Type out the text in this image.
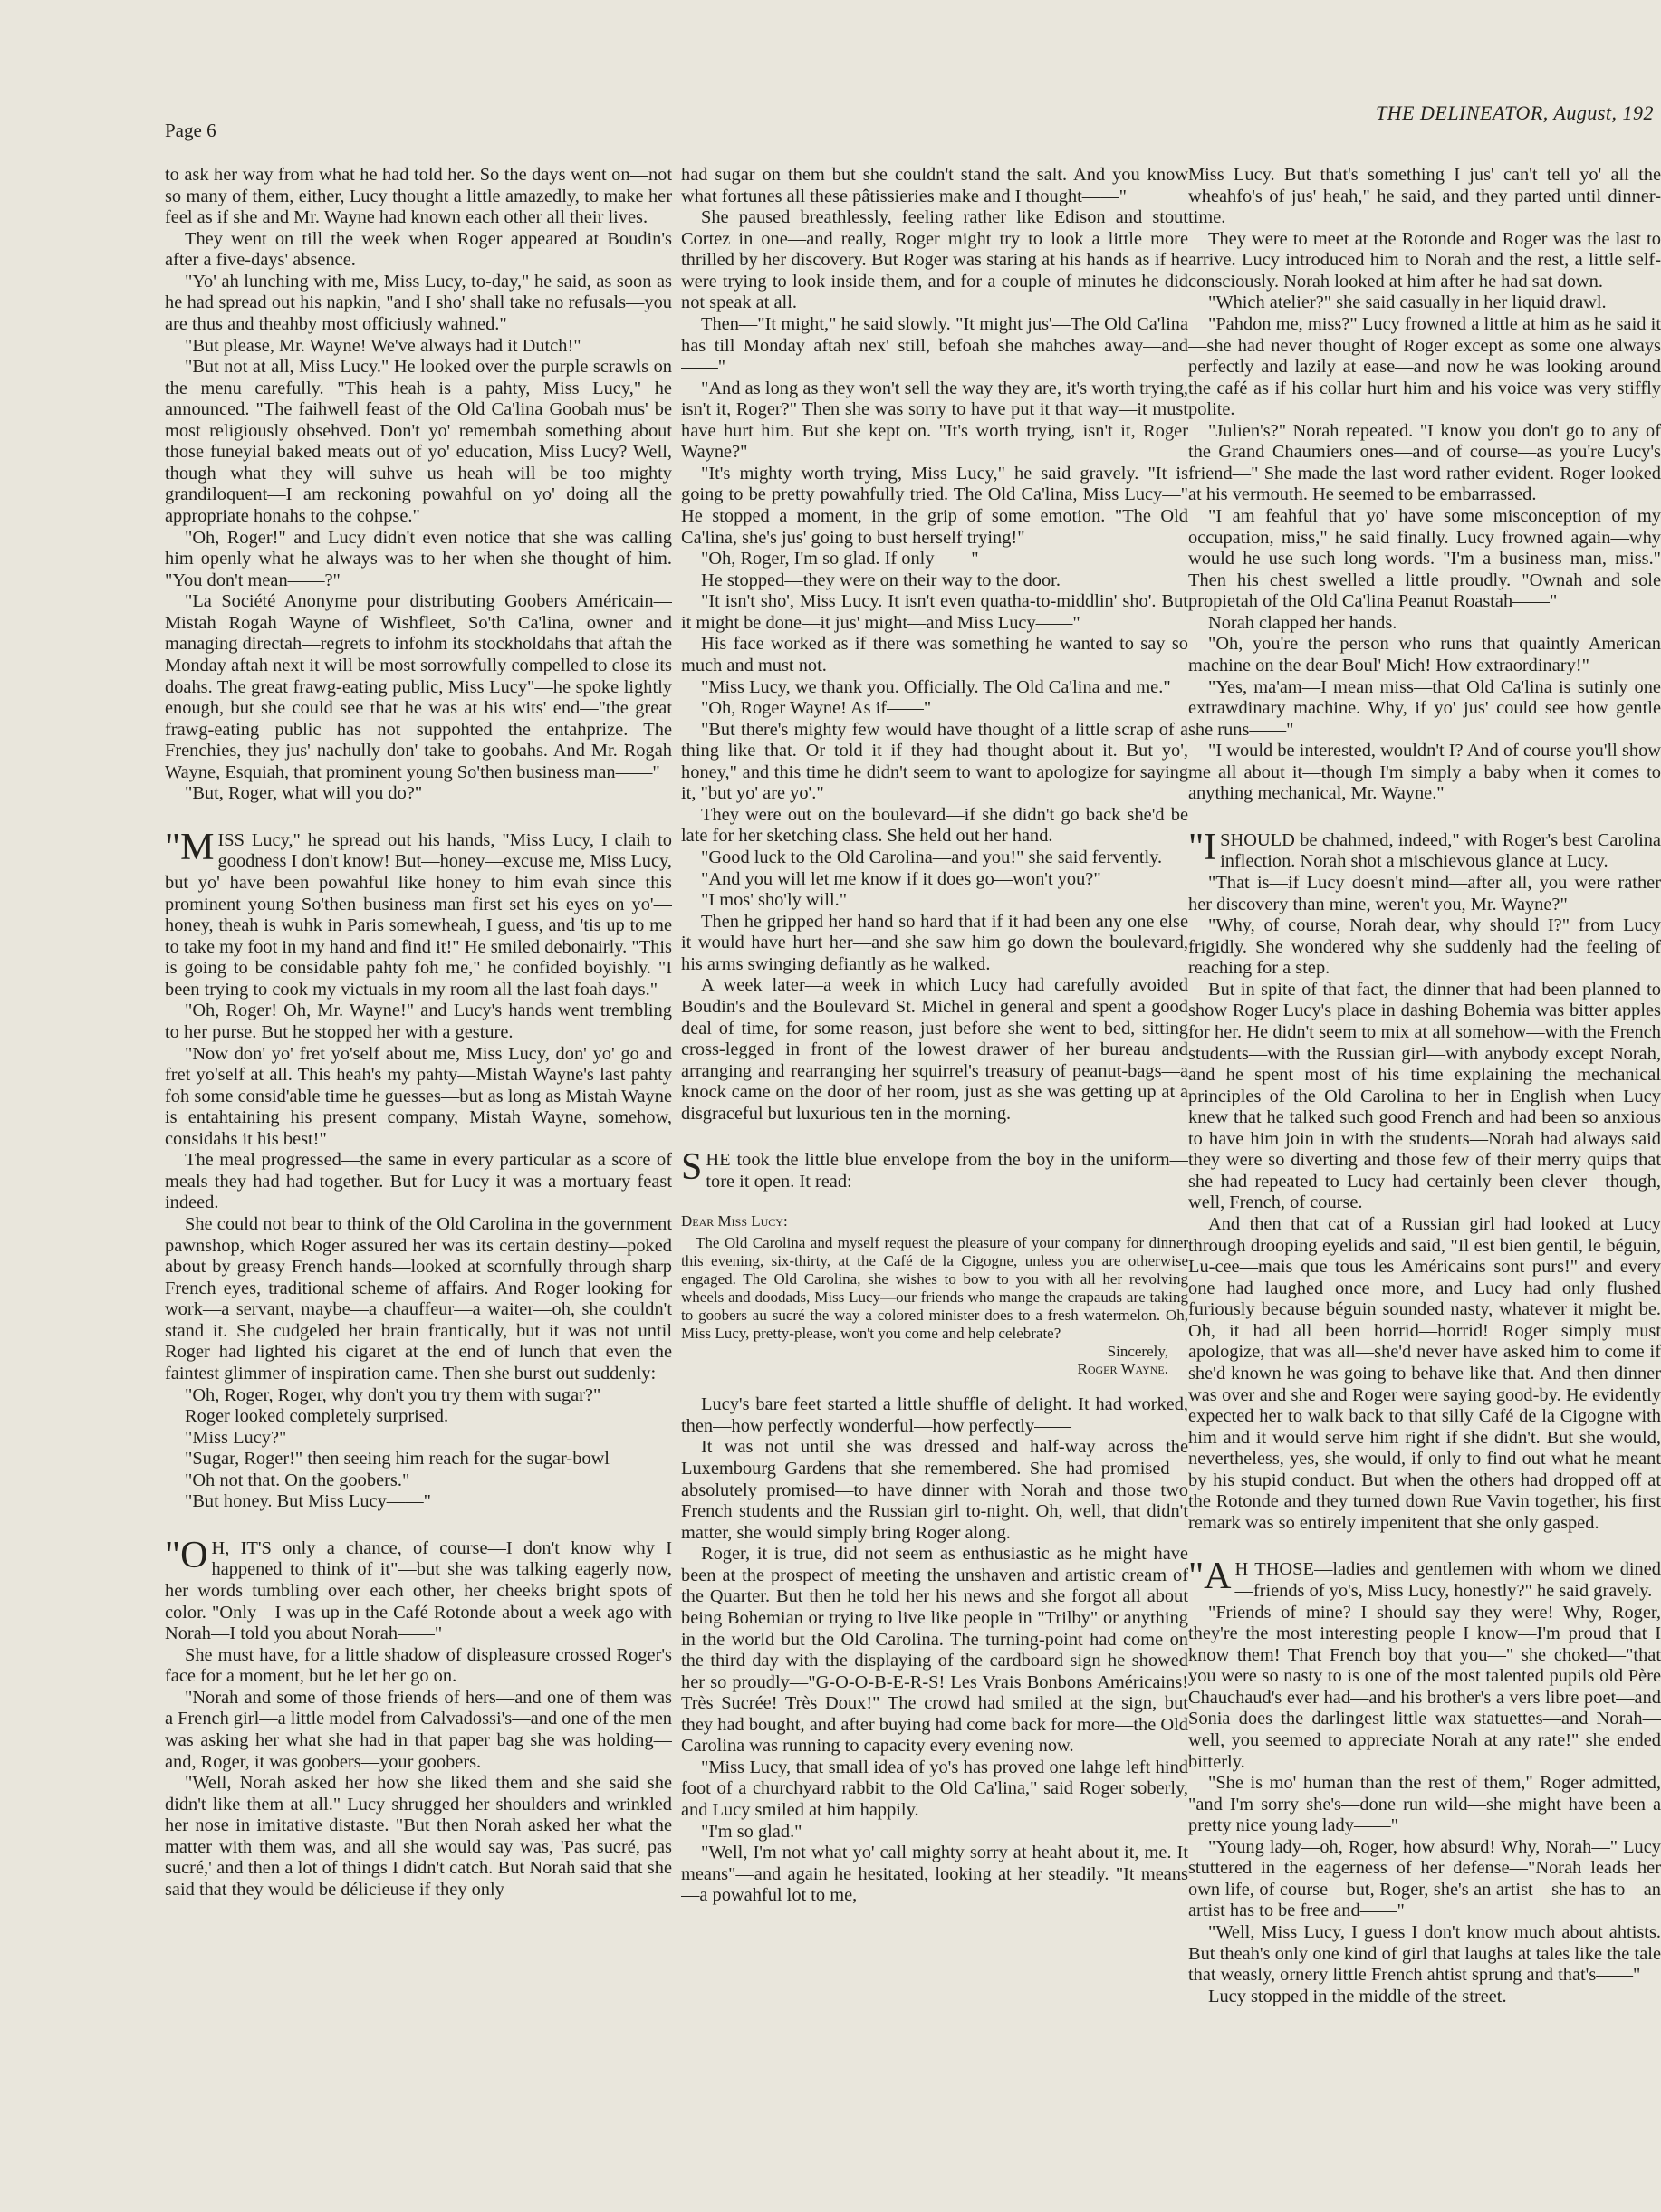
Page 6
THE DELINEATOR, August, 192

to ask her way from what he had told her. So the days went on—not so many of them, either, Lucy thought a little amazedly, to make her feel as if she and Mr. Wayne had known each other all their lives.

They went on till the week when Roger appeared at Boudin's after a five-days' absence.

"Yo' ah lunching with me, Miss Lucy, to-day," he said, as soon as he had spread out his napkin, "and I sho' shall take no refusals—you are thus and theahby most officiusly wahned."

"But please, Mr. Wayne! We've always had it Dutch!"

"But not at all, Miss Lucy." He looked over the purple scrawls on the menu carefully. "This heah is a pahty, Miss Lucy," he announced. "The faihwell feast of the Old Ca'lina Goobah mus' be most religiously obsehved. Don't yo' remembah something about those funeyial baked meats out of yo' education, Miss Lucy? Well, though what they will suhve us heah will be too mighty grandiloquent—I am reckoning powahful on yo' doing all the appropriate honahs to the cohpse."

"Oh, Roger!" and Lucy didn't even notice that she was calling him openly what he always was to her when she thought of him. "You don't mean——?"

"La Société Anonyme pour distributing Goobers Américain—Mistah Rogah Wayne of Wishfleet, So'th Ca'lina, owner and managing directah—regrets to infohm its stockholdahs that aftah the Monday aftah next it will be most sorrowfully compelled to close its doahs. The great frawg-eating public, Miss Lucy"—he spoke lightly enough, but she could see that he was at his wits' end—"the great frawg-eating public has not suppohted the entahprize. The Frenchies, they jus' nachully don' take to goobahs. And Mr. Rogah Wayne, Esquiah, that prominent young So'then business man——"

"But, Roger, what will you do?"

"MISS Lucy," he spread out his hands, "Miss Lucy, I claih to goodness I don't know! But—honey—excuse me, Miss Lucy, but yo' have been powahful like honey to him evah since this prominent young So'then business man first set his eyes on yo'—honey, theah is wuhk in Paris somewheah, I guess, and 'tis up to me to take my foot in my hand and find it!" He smiled debonairly. "This is going to be considable pahty foh me," he confided boyishly. "I been trying to cook my victuals in my room all the last foah days."

"Oh, Roger! Oh, Mr. Wayne!" and Lucy's hands went trembling to her purse. But he stopped her with a gesture.

"Now don' yo' fret yo'self about me, Miss Lucy, don' yo' go and fret yo'self at all. This heah's my pahty—Mistah Wayne's last pahty foh some consid'able time he guesses—but as long as Mistah Wayne is entahtaining his present company, Mistah Wayne, somehow, considahs it his best!"

The meal progressed—the same in every particular as a score of meals they had had together. But for Lucy it was a mortuary feast indeed.

She could not bear to think of the Old Carolina in the government pawnshop, which Roger assured her was its certain destiny—poked about by greasy French hands—looked at scornfully through sharp French eyes, traditional scheme of affairs. And Roger looking for work—a servant, maybe—a chauffeur—a waiter—oh, she couldn't stand it. She cudgeled her brain frantically, but it was not until Roger had lighted his cigaret at the end of lunch that even the faintest glimmer of inspiration came. Then she burst out suddenly:

"Oh, Roger, Roger, why don't you try them with sugar?"

Roger looked completely surprised.

"Miss Lucy?"

"Sugar, Roger!" then seeing him reach for the sugar-bowl——

"Oh not that. On the goobers."

"But honey. But Miss Lucy——"

"O H, IT'S only a chance, of course—I don't know why I happened to think of it"—but she was talking eagerly now, her words tumbling over each other, her cheeks bright spots of color. "Only—I was up in the Café Rotonde about a week ago with Norah—I told you about Norah——"

She must have, for a little shadow of displeasure crossed Roger's face for a moment, but he let her go on.

"Norah and some of those friends of hers—and one of them was a French girl—a little model from Calvadossi's—and one of the men was asking her what she had in that paper bag she was holding—and, Roger, it was goobers—your goobers.

"Well, Norah asked her how she liked them and she said she didn't like them at all." Lucy shrugged her shoulders and wrinkled her nose in imitative distaste. "But then Norah asked her what the matter with them was, and all she would say was, 'Pas sucré, pas sucré,' and then a lot of things I didn't catch. But Norah said that she said that they would be délicieuse if they only

had sugar on them but she couldn't stand the salt. And you know what fortunes all these pâtissieries make and I thought——"

She paused breathlessly, feeling rather like Edison and stout Cortez in one—and really, Roger might try to look a little more thrilled by her discovery. But Roger was staring at his hands as if he were trying to look inside them, and for a couple of minutes he did not speak at all.

Then—"It might," he said slowly. "It might jus'—The Old Ca'lina has till Monday aftah nex' still, befoah she mahches away—and——"

"And as long as they won't sell the way they are, it's worth trying, isn't it, Roger?" Then she was sorry to have put it that way—it must have hurt him. But she kept on. "It's worth trying, isn't it, Roger Wayne?"

"It's mighty worth trying, Miss Lucy," he said gravely. "It is going to be pretty powahfully tried. The Old Ca'lina, Miss Lucy—" He stopped a moment, in the grip of some emotion. "The Old Ca'lina, she's jus' going to bust herself trying!"

"Oh, Roger, I'm so glad. If only——"

He stopped—they were on their way to the door.

"It isn't sho', Miss Lucy. It isn't even quatha-to-middlin' sho'. But it might be done—it jus' might—and Miss Lucy——"

His face worked as if there was something he wanted to say so much and must not.

"Miss Lucy, we thank you. Officially. The Old Ca'lina and me."

"Oh, Roger Wayne! As if——"

"But there's mighty few would have thought of a little scrap of a thing like that. Or told it if they had thought about it. But yo', honey," and this time he didn't seem to want to apologize for saying it, "but yo' are yo'."

They were out on the boulevard—if she didn't go back she'd be late for her sketching class. She held out her hand.

"Good luck to the Old Carolina—and you!" she said fervently.

"And you will let me know if it does go—won't you?"

"I mos' sho'ly will."

Then he gripped her hand so hard that if it had been any one else it would have hurt her—and she saw him go down the boulevard, his arms swinging defiantly as he walked.

A week later—a week in which Lucy had carefully avoided Boudin's and the Boulevard St. Michel in general and spent a good deal of time, for some reason, just before she went to bed, sitting cross-legged in front of the lowest drawer of her bureau and arranging and rearranging her squirrel's treasury of peanut-bags—a knock came on the door of her room, just as she was getting up at a disgraceful but luxurious ten in the morning.

SHE took the little blue envelope from the boy in the uniform—tore it open. It read:

Dear Miss Lucy:

The Old Carolina and myself request the pleasure of your company for dinner this evening, six-thirty, at the Café de la Cigogne, unless you are otherwise engaged. The Old Carolina, she wishes to bow to you with all her revolving wheels and doodads, Miss Lucy—our friends who mange the crapauds are taking to goobers au sucré the way a colored minister does to a fresh watermelon. Oh, Miss Lucy, pretty-please, won't you come and help celebrate?

Sincerely,

Roger Wayne.

Lucy's bare feet started a little shuffle of delight. It had worked, then—how perfectly wonderful—how perfectly——

It was not until she was dressed and half-way across the Luxembourg Gardens that she remembered. She had promised—absolutely promised—to have dinner with Norah and those two French students and the Russian girl to-night. Oh, well, that didn't matter, she would simply bring Roger along.

Roger, it is true, did not seem as enthusiastic as he might have been at the prospect of meeting the unshaven and artistic cream of the Quarter. But then he told her his news and she forgot all about being Bohemian or trying to live like people in "Trilby" or anything in the world but the Old Carolina. The turning-point had come on the third day with the displaying of the cardboard sign he showed her so proudly—"G-O-O-B-E-R-S! Les Vrais Bonbons Américains! Très Sucrée! Très Doux!" The crowd had smiled at the sign, but they had bought, and after buying had come back for more—the Old Carolina was running to capacity every evening now.

"Miss Lucy, that small idea of yo's has proved one lahge left hind foot of a churchyard rabbit to the Old Ca'lina," said Roger soberly, and Lucy smiled at him happily.

"I'm so glad."

"Well, I'm not what yo' call mighty sorry at heaht about it, me. It means"—and again he hesitated, looking at her steadily. "It means—a powahful lot to me,

Miss Lucy. But that's something I jus' can't tell yo' all the wheahfo's of jus' heah," he said, and they parted until dinner-time.

They were to meet at the Rotonde and Roger was the last to arrive. Lucy introduced him to Norah and the rest, a little self-consciously. Norah looked at him after he had sat down.

"Which atelier?" she said casually in her liquid drawl.

"Pahdon me, miss?" Lucy frowned a little at him as he said it—she had never thought of Roger except as some one always perfectly and lazily at ease—and now he was looking around the café as if his collar hurt him and his voice was very stiffly polite.

"Julien's?" Norah repeated. "I know you don't go to any of the Grand Chaumiers ones—and of course—as you're Lucy's friend—" She made the last word rather evident. Roger looked at his vermouth. He seemed to be embarrassed.

"I am feahful that yo' have some misconception of my occupation, miss," he said finally. Lucy frowned again—why would he use such long words. "I'm a business man, miss." Then his chest swelled a little proudly. "Ownah and sole propietah of the Old Ca'lina Peanut Roastah——"

Norah clapped her hands.

"Oh, you're the person who runs that quaintly American machine on the dear Boul' Mich! How extraordinary!"

"Yes, ma'am—I mean miss—that Old Ca'lina is sutinly one extrawdinary machine. Why, if yo' jus' could see how gentle she runs——"

"I would be interested, wouldn't I? And of course you'll show me all about it—though I'm simply a baby when it comes to anything mechanical, Mr. Wayne."

"ISHOULD be chahmed, indeed," with Roger's best Carolina inflection. Norah shot a mischievous glance at Lucy.

"That is—if Lucy doesn't mind—after all, you were rather her discovery than mine, weren't you, Mr. Wayne?"

"Why, of course, Norah dear, why should I?" from Lucy frigidly. She wondered why she suddenly had the feeling of reaching for a step.

But in spite of that fact, the dinner that had been planned to show Roger Lucy's place in dashing Bohemia was bitter apples for her. He didn't seem to mix at all somehow—with the French students—with the Russian girl—with anybody except Norah, and he spent most of his time explaining the mechanical principles of the Old Carolina to her in English when Lucy knew that he talked such good French and had been so anxious to have him join in with the students—Norah had always said they were so diverting and those few of their merry quips that she had repeated to Lucy had certainly been clever—though, well, French, of course.

And then that cat of a Russian girl had looked at Lucy through drooping eyelids and said, "Il est bien gentil, le béguin, Lu-cee—mais que tous les Américains sont purs!" and every one had laughed once more, and Lucy had only flushed furiously because béguin sounded nasty, whatever it might be. Oh, it had all been horrid—horrid! Roger simply must apologize, that was all—she'd never have asked him to come if she'd known he was going to behave like that. And then dinner was over and she and Roger were saying good-by. He evidently expected her to walk back to that silly Café de la Cigogne with him and it would serve him right if she didn't. But she would, nevertheless, yes, she would, if only to find out what he meant by his stupid conduct. But when the others had dropped off at the Rotonde and they turned down Rue Vavin together, his first remark was so entirely impenitent that she only gasped.

"A H THOSE—ladies and gentlemen with whom we dined—friends of yo's, Miss Lucy, honestly?" he said gravely.

"Friends of mine? I should say they were! Why, Roger, they're the most interesting people I know—I'm proud that I know them! That French boy that you—" she choked—"that you were so nasty to is one of the most talented pupils old Père Chauchaud's ever had—and his brother's a vers libre poet—and Sonia does the darlingest little wax statuettes—and Norah—well, you seemed to appreciate Norah at any rate!" she ended bitterly.

"She is mo' human than the rest of them," Roger admitted, "and I'm sorry she's—done run wild—she might have been a pretty nice young lady——"

"Young lady—oh, Roger, how absurd! Why, Norah—" Lucy stuttered in the eagerness of her defense—"Norah leads her own life, of course—but, Roger, she's an artist—she has to—an artist has to be free and——"

"Well, Miss Lucy, I guess I don't know much about ahtists. But theah's only one kind of girl that laughs at tales like the tale that weasly, ornery little French ahtist sprung and that's——"

Lucy stopped in the middle of the street.
